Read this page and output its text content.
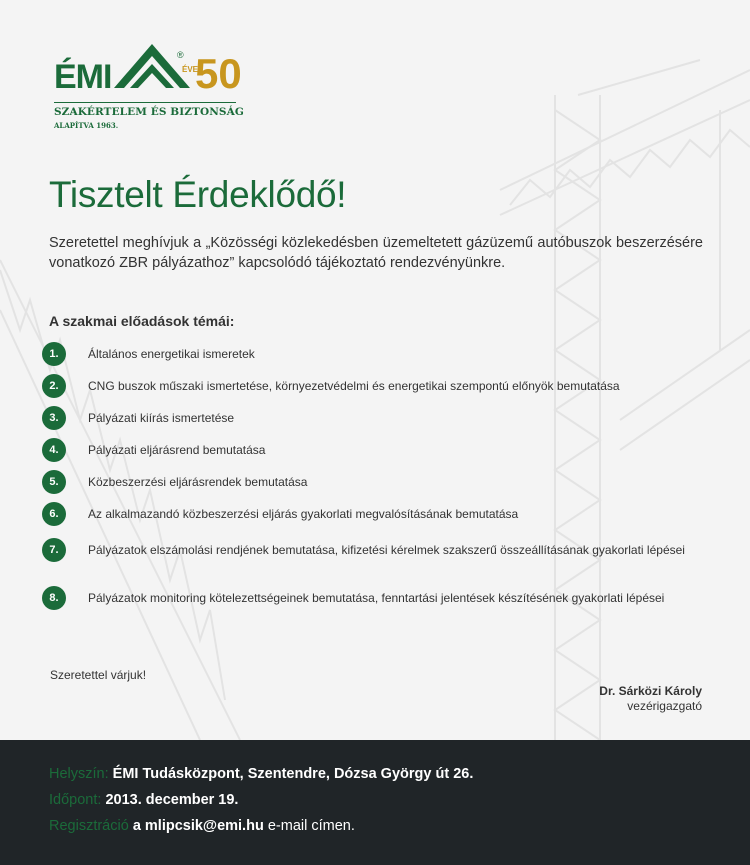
ÉMI
®
ÉVE
50
SZAKÉRTELEM ÉS BIZTONSÁG
ALAPÍTVA 1963.
Tisztelt Érdeklődő!

Szeretettel meghívjuk a „Közösségi közlekedésben üzemeltetett gázüzemű autóbuszok beszerzésére vonatkozó ZBR pályázathoz” kapcsolódó tájékoztató rendezvényünkre.

A szakmai előadások témái:
1.	Általános energetikai ismeretek
2.	CNG buszok műszaki ismertetése, környezetvédelmi és energetikai szempontú előnyök bemutatása
3.	Pályázati kiírás ismertetése
4.	Pályázati eljárásrend bemutatása
5.	Közbeszerzési eljárásrendek bemutatása
6.	Az alkalmazandó közbeszerzési eljárás gyakorlati megvalósításának bemutatása
7.	Pályázatok elszámolási rendjének bemutatása, kifizetési kérelmek szakszerű összeállításának gyakorlati lépései
8.	Pályázatok monitoring kötelezettségeinek bemutatása, fenntartási jelentések készítésének gyakorlati lépései
Szeretettel várjuk!
Dr. Sárközi Károly
vezérigazgató
Helyszín: ÉMI Tudásközpont, Szentendre, Dózsa György út 26.
Időpont: 2013. december 19.
Regisztráció a mlipcsik@emi.hu e-mail címen.
